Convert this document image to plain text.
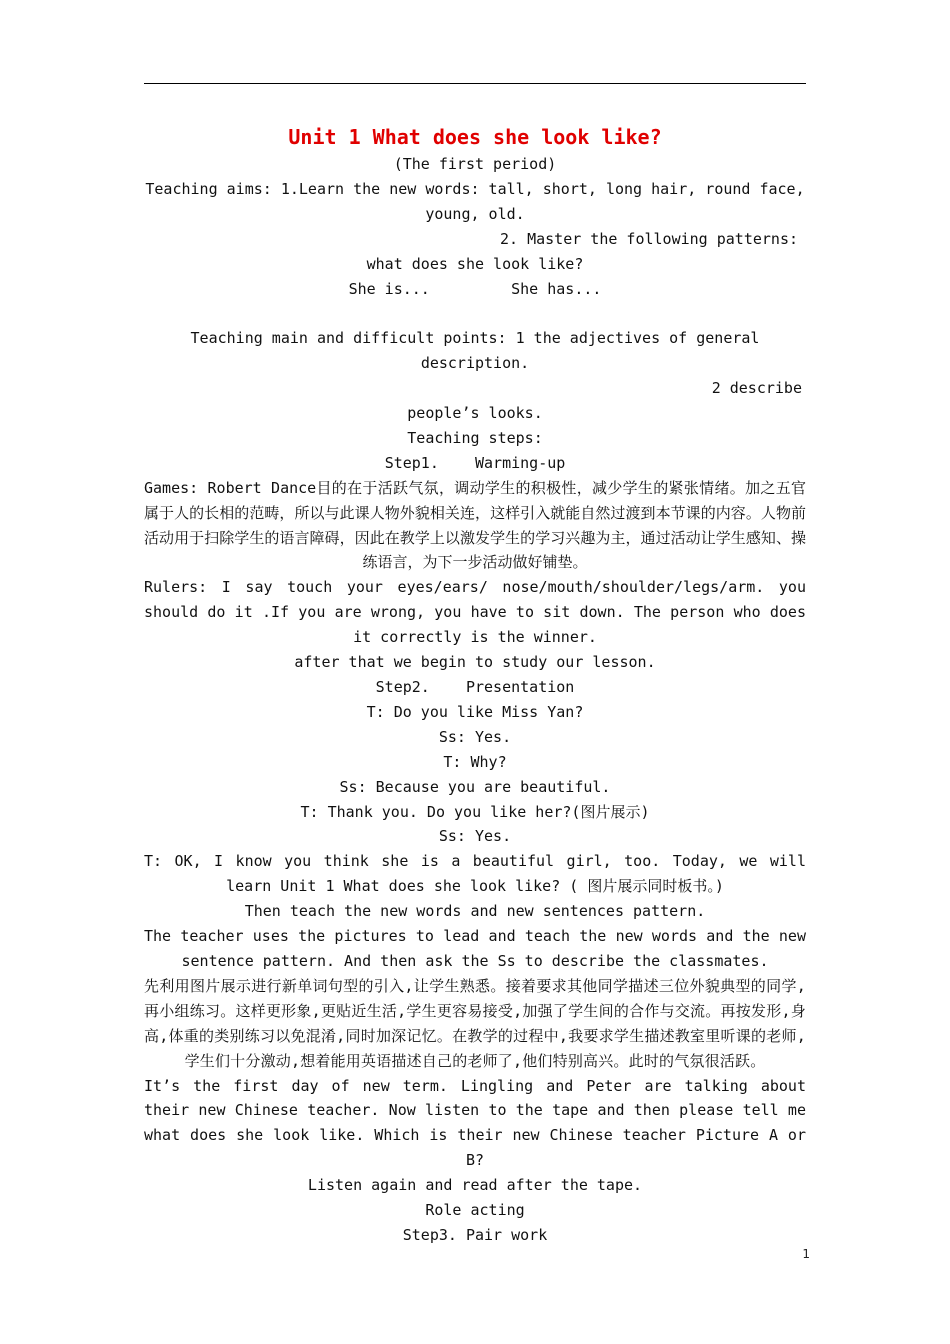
Unit 1 What does she look like?
(The first period)
Teaching aims: 1.Learn the new words: tall, short, long hair, round face, young, old.
2. Master the following patterns:
what does she look like?
She is...         She has...
Teaching main and difficult points: 1 the adjectives of general description.
2 describe
people’s looks.
Teaching steps:
Step1.    Warming-up
Games: Robert Dance目的在于活跃气氛，调动学生的积极性，减少学生的紧张情绪。加之五官属于人的长相的范畴，所以与此课人物外貌相关连，这样引入就能自然过渡到本节课的内容。人物前活动用于扫除学生的语言障碍，因此在教学上以激发学生的学习兴趣为主，通过活动让学生感知、操练语言，为下一步活动做好铺垫。
Rulers: I say touch your eyes/ears/ nose/mouth/shoulder/legs/arm. you should do it .If you are wrong, you have to sit down. The person who does it correctly is the winner.
after that we begin to study our lesson.
Step2.    Presentation
T: Do you like Miss Yan?
Ss: Yes.
T: Why?
Ss: Because you are beautiful.
T: Thank you. Do you like her?(图片展示)
Ss: Yes.
T: OK, I know you think she is a beautiful girl, too. Today, we will learn Unit 1 What does she look like? ( 图片展示同时板书。)
Then teach the new words and new sentences pattern.
The teacher uses the pictures to lead and teach the new words and the new sentence pattern. And then ask the Ss to describe the classmates.
先利用图片展示进行新单词句型的引入,让学生熟悉。接着要求其他同学描述三位外貌典型的同学,再小组练习。这样更形象,更贴近生活,学生更容易接受,加强了学生间的合作与交流。再按发形,身高,体重的类别练习以免混淆,同时加深记忆。在教学的过程中,我要求学生描述教室里听课的老师,学生们十分激动,想着能用英语描述自己的老师了,他们特别高兴。此时的气氛很活跃。
It’s the first day of new term. Lingling and Peter are talking about their new Chinese teacher. Now listen to the tape and then please tell me what does she look like. Which is their new Chinese teacher Picture A or B?
Listen again and read after the tape.
Role acting
Step3. Pair work
1
